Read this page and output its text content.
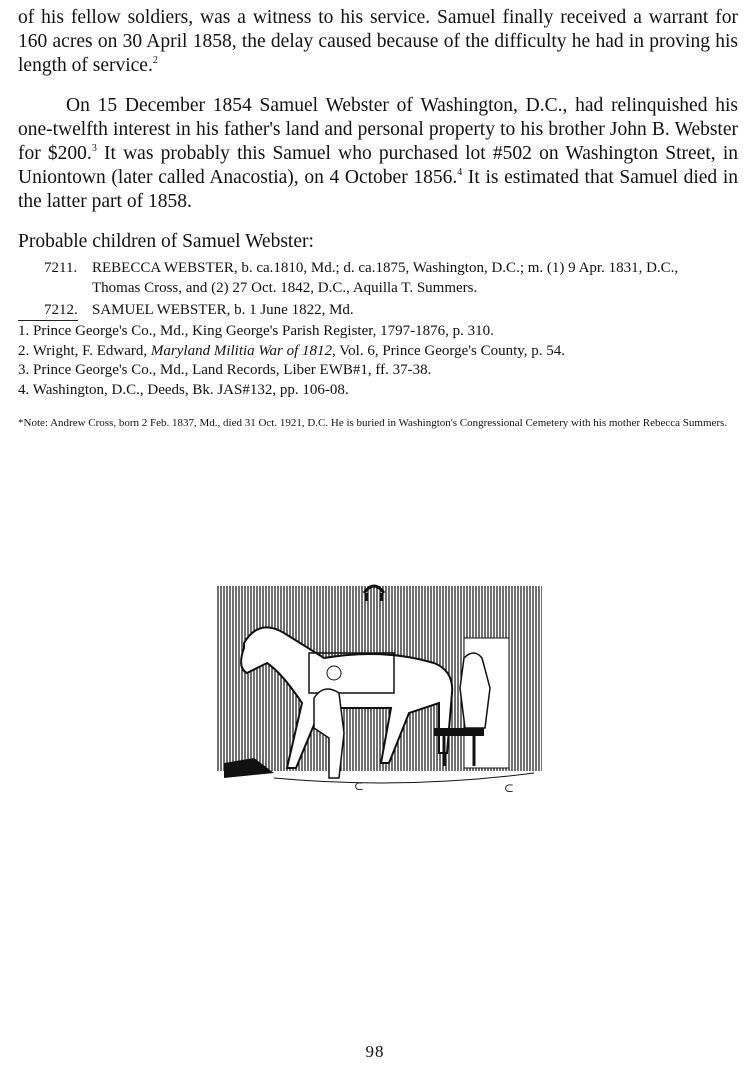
of his fellow soldiers, was a witness to his service. Samuel finally received a warrant for 160 acres on 30 April 1858, the delay caused because of the difficulty he had in proving his length of service.$^2$
On 15 December 1854 Samuel Webster of Washington, D.C., had relinquished his one-twelfth interest in his father's land and personal property to his brother John B. Webster for $200.$^3$ It was probably this Samuel who purchased lot #502 on Washington Street, in Uniontown (later called Anacostia), on 4 October 1856.$^4$ It is estimated that Samuel died in the latter part of 1858.
Probable children of Samuel Webster:
7211. REBECCA WEBSTER, b. ca.1810, Md.; d. ca.1875, Washington, D.C.; m. (1) 9 Apr. 1831, D.C.,
Thomas Cross, and (2) 27 Oct. 1842, D.C., Aquilla T. Summers.
7212. SAMUEL WEBSTER, b. 1 June 1822, Md.
1. Prince George's Co., Md., King George's Parish Register, 1797-1876, p. 310.
2. Wright, F. Edward, Maryland Militia War of 1812, Vol. 6, Prince George's County, p. 54.
3. Prince George's Co., Md., Land Records, Liber EWB#1, ff. 37-38.
4. Washington, D.C., Deeds, Bk. JAS#132, pp. 106-08.
*Note: Andrew Cross, born 2 Feb. 1837, Md., died 31 Oct. 1921, D.C. He is buried in Washington's Congressional Cemetery with his mother Rebecca Summers.
⊂
⊂
98
